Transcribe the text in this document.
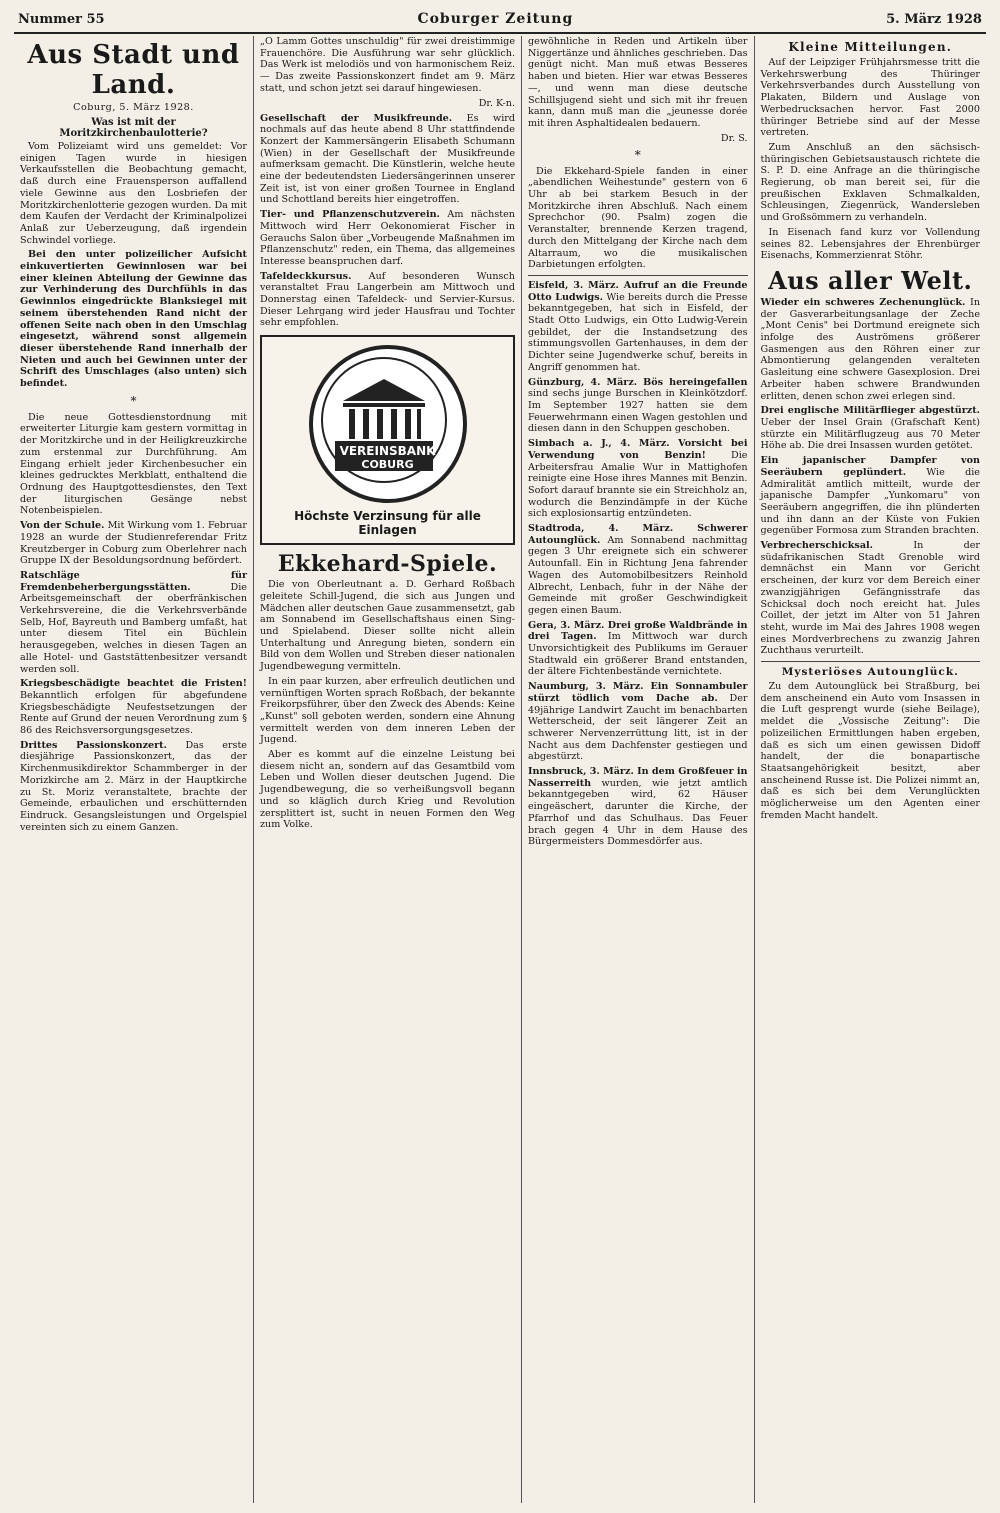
Nummer 55	Coburger Zeitung	5. März 1928
Aus Stadt und Land.
Coburg, 5. März 1928.
Was ist mit der Moritzkirchenbaulotterie?

Vom Polizeiamt wird uns gemeldet: Vor einigen Tagen wurde in hiesigen Verkaufsstellen die Beobachtung gemacht, daß durch eine Frauensperson auffallend viele Gewinne aus den Losbriefen der Moritzkirchenlotterie gezogen wurden. Da mit dem Kaufen der Verdacht der Kriminalpolizei Anlaß zur Ueberzeugung, daß irgendein Schwindel vorliege.

Bei den unter polizeilicher Aufsicht einkuvertierten Gewinnlosen war bei einer kleinen Abteilung der Gewinne das zur Verhinderung des Durchfühls in das Gewinnlos eingedrückte Blanksiegel mit seinem überstehenden Rand nicht der offenen Seite nach oben in den Umschlag eingesetzt, während sonst allgemein dieser überstehende Rand innerhalb der Nieten und auch bei Gewinnen unter der Schrift des Umschlages (also unten) sich befindet.

*

Die neue Gottesdienstordnung mit erweiterter Liturgie kam gestern vormittag in der Moritzkirche und in der Heiligkreuzkirche zum erstenmal zur Durchführung. Am Eingang erhielt jeder Kirchenbesucher ein kleines gedrucktes Merkblatt, enthaltend die Ordnung des Hauptgottesdienstes, den Text der liturgischen Gesänge nebst Notenbeispielen.

Von der Schule. Mit Wirkung vom 1. Februar 1928 an wurde der Studienreferendar Fritz Kreutzberger in Coburg zum Oberlehrer nach Gruppe IX der Besoldungsordnung befördert.

Ratschläge für Fremdenbeherbergungsstätten.	Die Arbeitsgemeinschaft der oberfränkischen Verkehrsvereine, die die Verkehrsverbände Selb, Hof, Bayreuth und Bamberg umfaßt, hat unter diesem Titel ein Büchlein herausgegeben, welches in diesen Tagen an alle Hotel- und Gaststättenbesitzer versandt werden soll.

Kriegsbeschädigte beachtet die Fristen! Bekanntlich erfolgen für abgefundene Kriegsbeschädigte Neufestsetzungen der Rente auf Grund der neuen Verordnung zum § 86 des Reichsversorgungsgesetzes.

Drittes Passionskonzert. Das erste diesjährige Passionskonzert, das der Kirchenmusikdirektor Schammberger in der Morizkirche am 2. März in der Hauptkirche zu St. Moriz veranstaltete, brachte der Gemeinde, erbaulichen und erschütternden Eindruck. Gesangsleistungen und Orgelspiel vereinten sich zu einem Ganzen.

„O Lamm Gottes unschuldig" für zwei dreistimmige Frauenchöre. Die Ausführung war sehr glücklich. Das Werk ist melodiös und von harmonischem Reiz. — Das zweite Passionskonzert findet am 9. März statt, und schon jetzt sei darauf hingewiesen.

Dr. K-n.

Gesellschaft der Musikfreunde. Es wird nochmals auf das heute abend 8 Uhr stattfindende Konzert der Kammersängerin Elisabeth Schumann (Wien) in der Gesellschaft der Musikfreunde aufmerksam gemacht. Die Künstlerin, welche heute eine der bedeutendsten Liedersängerinnen unserer Zeit ist, ist von einer großen Tournee in England und Schottland bereits hier eingetroffen.

Tier- und Pflanzenschutzverein. Am nächsten Mittwoch wird Herr Oekonomierat Fischer in Gerauchs Salon über „Vorbeugende Maßnahmen im Pflanzenschutz" reden, ein Thema, das allgemeines Interesse beanspruchen darf.

Tafeldeckkursus. Auf besonderen Wunsch veranstaltet Frau Langerbein am Mittwoch und Donnerstag einen Tafeldeck- und Servier-Kursus. Dieser Lehrgang wird jeder Hausfrau und Tochter sehr empfohlen.

VEREINSBANK
COBURG
Höchste Verzinsung für alle Einlagen
Ekkehard-Spiele.

Die von Oberleutnant a. D. Gerhard Roßbach geleitete Schill-Jugend, die sich aus Jungen und Mädchen aller deutschen Gaue zusammensetzt, gab am Sonnabend im Gesellschaftshaus einen Sing- und Spielabend. Dieser sollte nicht allein Unterhaltung und Anregung bieten, sondern ein Bild von dem Wollen und Streben dieser nationalen Jugendbewegung vermitteln.

In ein paar kurzen, aber erfreulich deutlichen und vernünftigen Worten sprach Roßbach, der bekannte Freikorpsführer, über den Zweck des Abends: Keine „Kunst" soll geboten werden, sondern eine Ahnung vermittelt werden von dem inneren Leben der Jugend.

Aber es kommt auf die einzelne Leistung bei diesem nicht an, sondern auf das Gesamtbild vom Leben und Wollen dieser deutschen Jugend. Die Jugendbewegung, die so verheißungsvoll begann und so kläglich durch Krieg und Revolution zersplittert ist, sucht in neuen Formen den Weg zum Volke.

gewöhnliche in Reden und Artikeln über Niggertänze und ähnliches geschrieben. Das genügt nicht. Man muß etwas Besseres haben und bieten. Hier war etwas Besseres —, und wenn man diese deutsche Schillsjugend sieht und sich mit ihr freuen kann, dann muß man die „jeunesse dorée mit ihren Asphaltidealen bedauern.

Dr. S.
*

Die Ekkehard-Spiele fanden in einer „abendlichen Weihestunde" gestern von 6 Uhr ab bei starkem Besuch in der Moritzkirche ihren Abschluß. Nach einem Sprechchor (90. Psalm) zogen die Veranstalter, brennende Kerzen tragend, durch den Mittelgang der Kirche nach dem Altarraum, wo die musikalischen Darbietungen erfolgten.

Eisfeld, 3. März. Aufruf an die Freunde Otto Ludwigs. Wie bereits durch die Presse bekanntgegeben, hat sich in Eisfeld, der Stadt Otto Ludwigs, ein Otto Ludwig-Verein gebildet, der die Instandsetzung des stimmungsvollen Gartenhauses, in dem der Dichter seine Jugendwerke schuf, bereits in Angriff genommen hat.

Günzburg, 4. März. Bös hereingefallen sind sechs junge Burschen in Kleinkötzdorf. Im September 1927 hatten sie dem Feuerwehrmann einen Wagen gestohlen und diesen dann in den Schuppen geschoben.

Simbach a. J., 4. März. Vorsicht bei Verwendung von Benzin!	Die Arbeitersfrau Amalie Wur in Mattighofen reinigte eine Hose ihres Mannes mit Benzin. Sofort darauf brannte sie ein Streichholz an, wodurch die Benzindämpfe in der Küche sich explosionsartig entzündeten.

Stadtroda, 4. März. Schwerer Autounglück. Am Sonnabend nachmittag gegen 3 Uhr ereignete sich ein schwerer Autounfall. Ein in Richtung Jena fahrender Wagen des Automobilbesitzers Reinhold Albrecht, Lenbach, fuhr in der Nähe der Gemeinde mit großer Geschwindigkeit gegen einen Baum.

Gera, 3. März. Drei große Waldbrände in drei Tagen. Im Mittwoch war durch Unvorsichtigkeit des Publikums im Gerauer Stadtwald ein größerer Brand entstanden, der ältere Fichtenbestände vernichtete.

Naumburg, 3. März. Ein Sonnambuler stürzt tödlich vom Dache ab. Der 49jährige Landwirt Zaucht im benachbarten Wetterscheid, der seit längerer Zeit an schwerer Nervenzerrüttung litt, ist in der Nacht aus dem Dachfenster gestiegen und abgestürzt.

Innsbruck, 3. März. In dem Großfeuer in Nasserreith wurden, wie jetzt amtlich bekanntgegeben wird, 62 Häuser eingeäschert, darunter die Kirche, der Pfarrhof und das Schulhaus. Das Feuer brach gegen 4 Uhr in dem Hause des Bürgermeisters Dommesdörfer aus.

Kleine Mitteilungen.

Auf der Leipziger Frühjahrsmesse tritt die Verkehrswerbung des Thüringer Verkehrsverbandes durch Ausstellung von Plakaten, Bildern und Auslage von Werbedrucksachen hervor. Fast 2000 thüringer Betriebe sind auf der Messe vertreten.

Zum Anschluß an den sächsisch-thüringischen Gebietsaustausch richtete die S. P. D. eine Anfrage an die thüringische Regierung, ob man bereit sei, für die preußischen Exklaven Schmalkalden, Schleusingen, Ziegenrück, Wandersleben und Großsömmern zu verhandeln.

In Eisenach fand kurz vor Vollendung seines 82. Lebensjahres der Ehrenbürger Eisenachs, Kommerzienrat Stöhr.

Aus aller Welt.

Wieder ein schweres Zechenunglück. In der Gasverarbeitungsanlage der Zeche „Mont Cenis" bei Dortmund ereignete sich infolge des Auströmens größerer Gasmengen aus den Röhren einer zur Abmontierung gelangenden veralteten Gasleitung eine schwere Gasexplosion. Drei Arbeiter haben schwere Brandwunden erlitten, denen schon zwei erlegen sind.

Drei englische Militärflieger abgestürzt. Ueber der Insel Grain (Grafschaft Kent) stürzte ein Militärflugzeug aus 70 Meter Höhe ab. Die drei Insassen wurden getötet.

Ein japanischer Dampfer von Seeräubern geplündert. Wie die Admiralität amtlich mitteilt, wurde der japanische Dampfer „Yunkomaru" von Seeräubern angegriffen, die ihn plünderten und ihn dann an der Küste von Fukien gegenüber Formosa zum Stranden brachten.

Verbrecherschicksal.	In der südafrikanischen Stadt Grenoble wird demnächst ein Mann vor Gericht erscheinen, der kurz vor dem Bereich einer zwanzigjährigen Gefängnisstrafe das Schicksal doch noch ereicht hat. Jules Coillet, der jetzt im Alter von 51 Jahren steht, wurde im Mai des Jahres 1908 wegen eines Mordverbrechens zu zwanzig Jahren Zuchthaus verurteilt.

Mysteriöses Autounglück.

Zu dem Autounglück bei Straßburg, bei dem anscheinend ein Auto vom Insassen in die Luft gesprengt wurde (siehe Beilage), meldet die „Vossische Zeitung": Die polizeilichen Ermittlungen haben ergeben, daß es sich um einen gewissen Didoff handelt, der die bonapartische Staatsangehörigkeit besitzt, aber anscheinend Russe ist. Die Polizei nimmt an, daß es sich bei dem Verunglückten möglicherweise um den Agenten einer fremden Macht handelt.
